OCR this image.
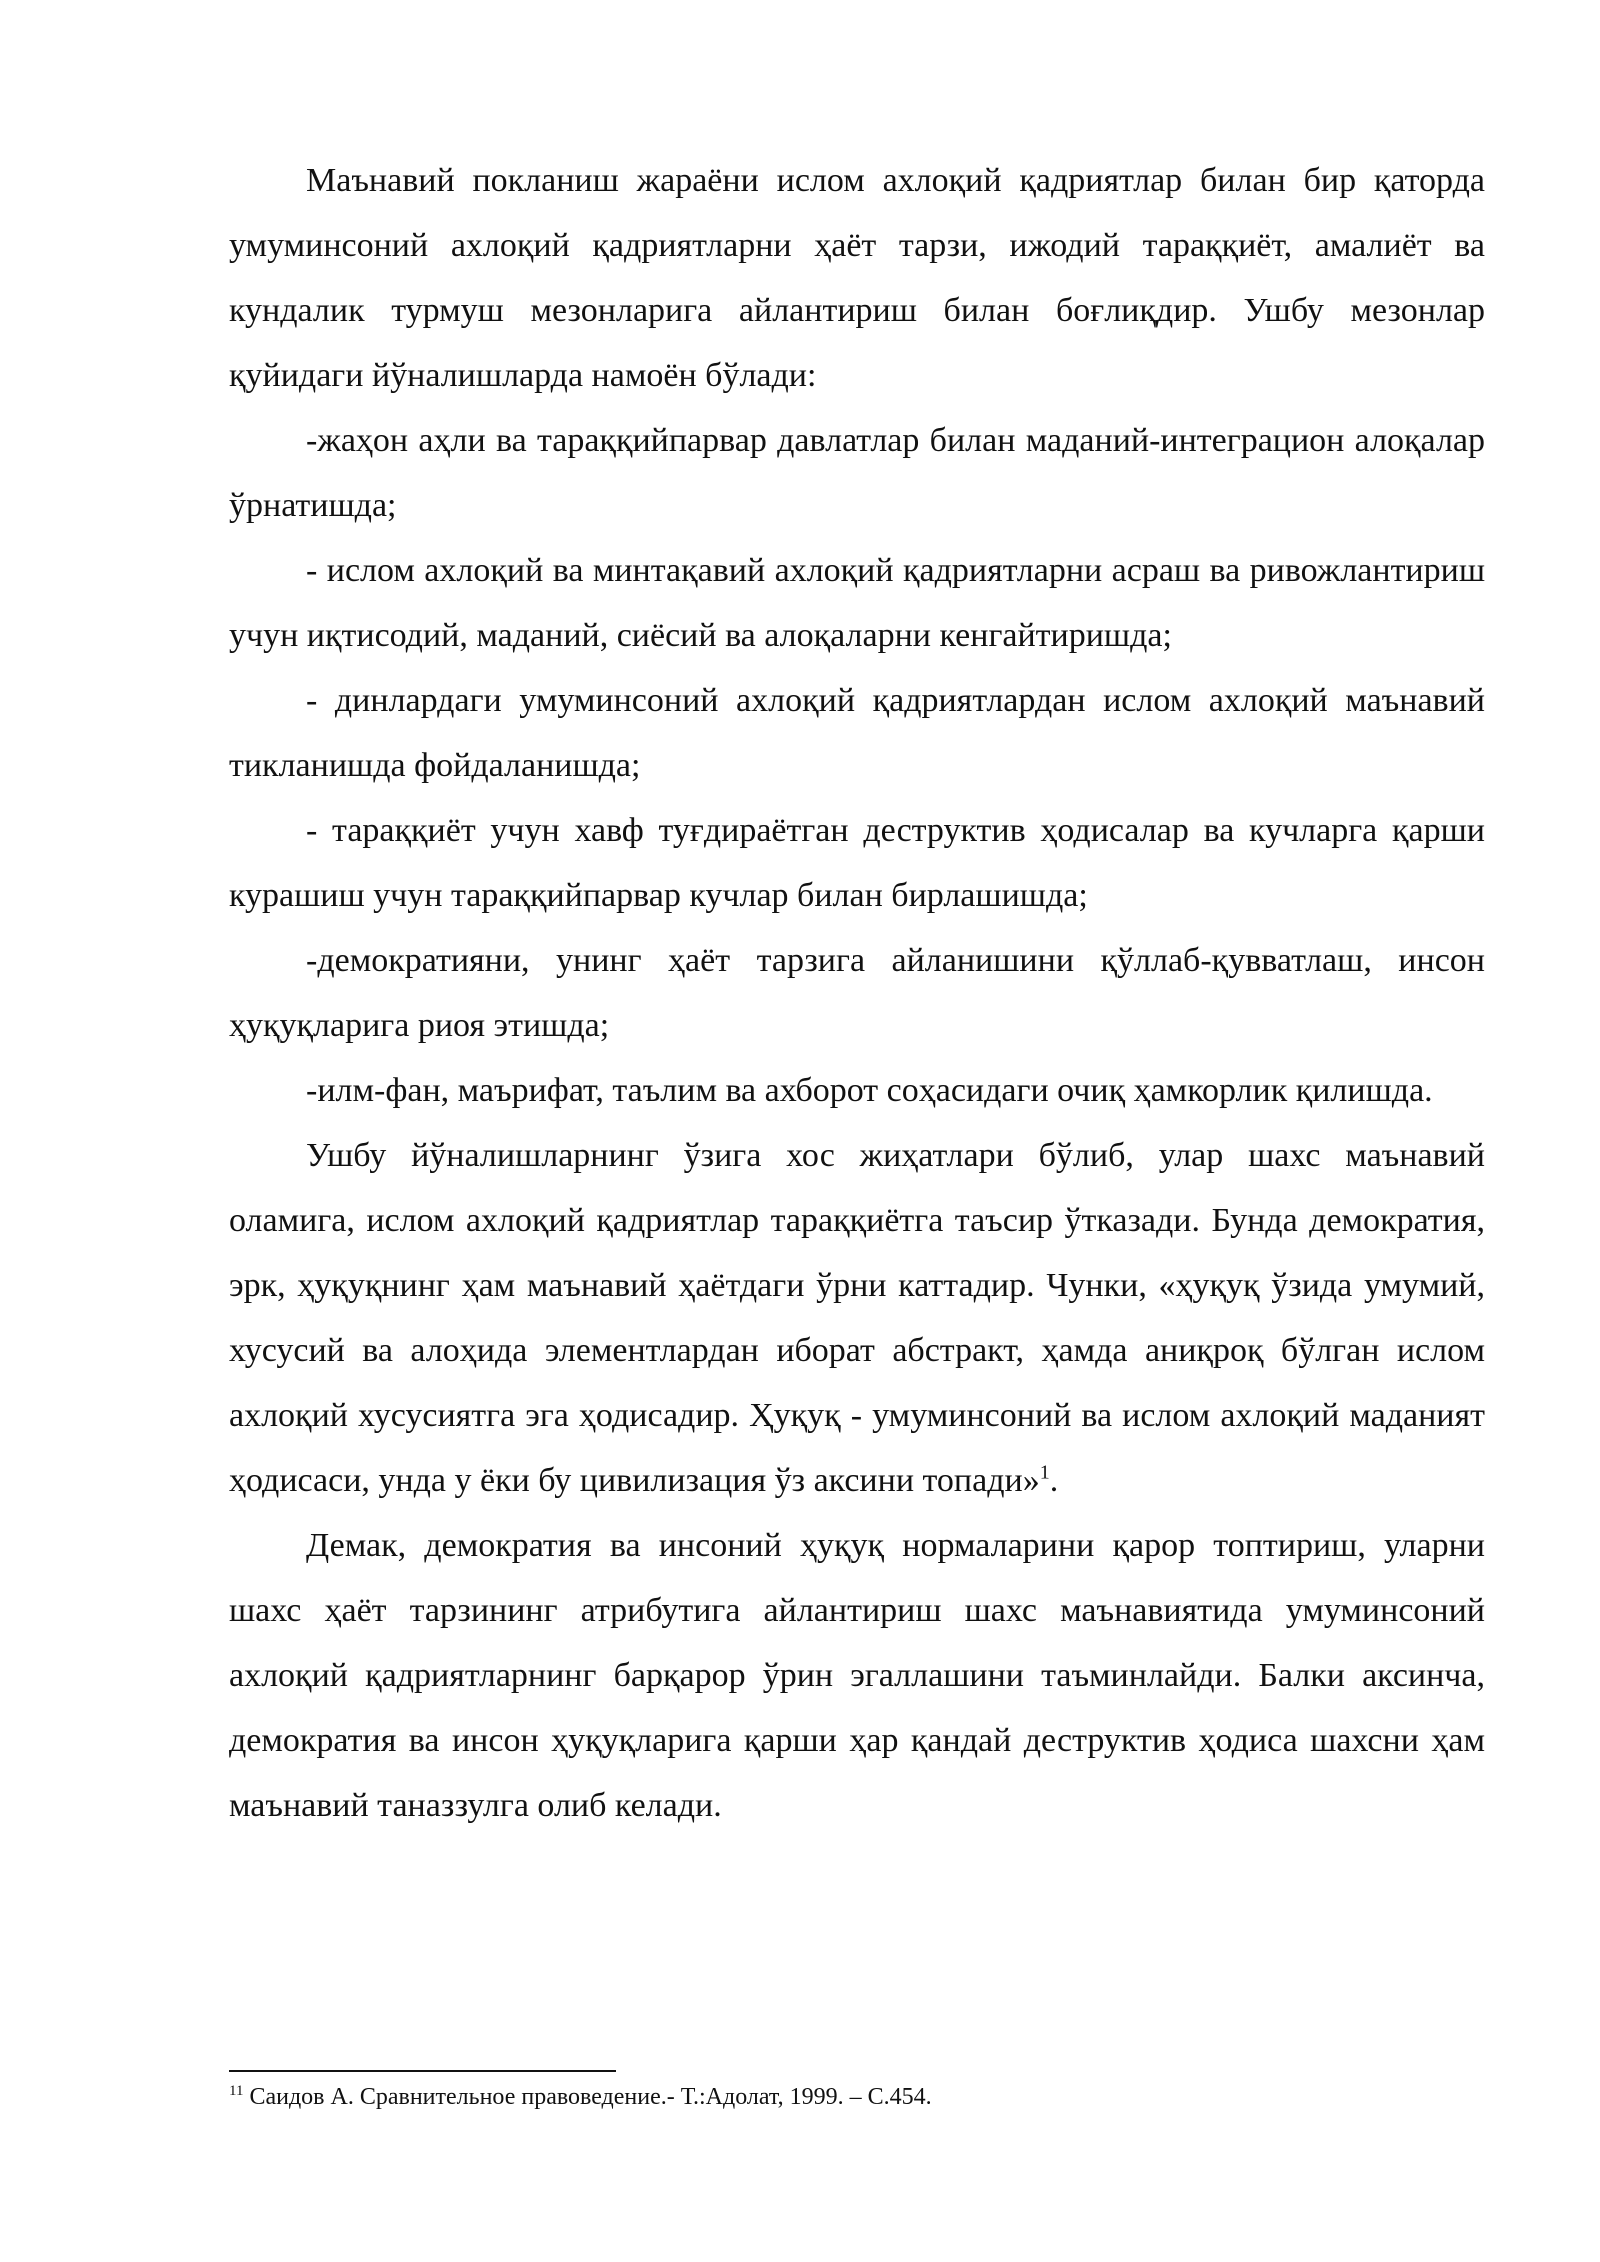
Маънавий покланиш жараёни ислом ахлоқий қадриятлар билан бир қаторда умуминсоний ахлоқий қадриятларни ҳаёт тарзи, ижодий тараққиёт, амалиёт ва кундалик турмуш мезонларига айлантириш билан боғлиқдир. Ушбу мезонлар қуйидаги йўналишларда намоён бўлади:

-жаҳон аҳли ва тараққийпарвар давлатлар билан маданий-интеграцион алоқалар ўрнатишда;

- ислом ахлоқий ва минтақавий ахлоқий қадриятларни асраш ва ривожлантириш учун иқтисодий, маданий, сиёсий ва алоқаларни кенгайтиришда;

- динлардаги умуминсоний ахлоқий қадриятлардан ислом ахлоқий маънавий тикланишда фойдаланишда;

- тараққиёт учун хавф туғдираётган деструктив ҳодисалар ва кучларга қарши курашиш учун тараққийпарвар кучлар билан бирлашишда;

-демократияни, унинг ҳаёт тарзига айланишини қўллаб-қувватлаш, инсон ҳуқуқларига риоя этишда;

-илм-фан, маърифат, таълим ва ахборот соҳасидаги очиқ ҳамкорлик қилишда.

Ушбу йўналишларнинг ўзига хос жиҳатлари бўлиб, улар шахс маънавий оламига, ислом ахлоқий қадриятлар тараққиётга таъсир ўтказади. Бунда демократия, эрк, ҳуқуқнинг ҳам маънавий ҳаётдаги ўрни каттадир. Чунки, «ҳуқуқ ўзида умумий, хусусий ва алоҳида элементлардан иборат абстракт, ҳамда аниқроқ бўлган ислом ахлоқий хусусиятга эга ҳодисадир. Ҳуқуқ - умуминсоний ва ислом ахлоқий маданият ҳодисаси, унда у ёки бу цивилизация ўз аксини топади»$^1$.

Демак, демократия ва инсоний ҳуқуқ нормаларини қарор топтириш, уларни шахс ҳаёт тарзининг атрибутига айлантириш шахс маънавиятида умуминсоний ахлоқий қадриятларнинг барқарор ўрин эгаллашини таъминлайди. Балки аксинча, демократия ва инсон ҳуқуқларига қарши ҳар қандай деструктив ҳодиса шахсни ҳам маънавий таназзулга олиб келади.

$^{11}$ Саидов А. Сравнительное правоведение.- Т.:Адолат, 1999. – С.454.
